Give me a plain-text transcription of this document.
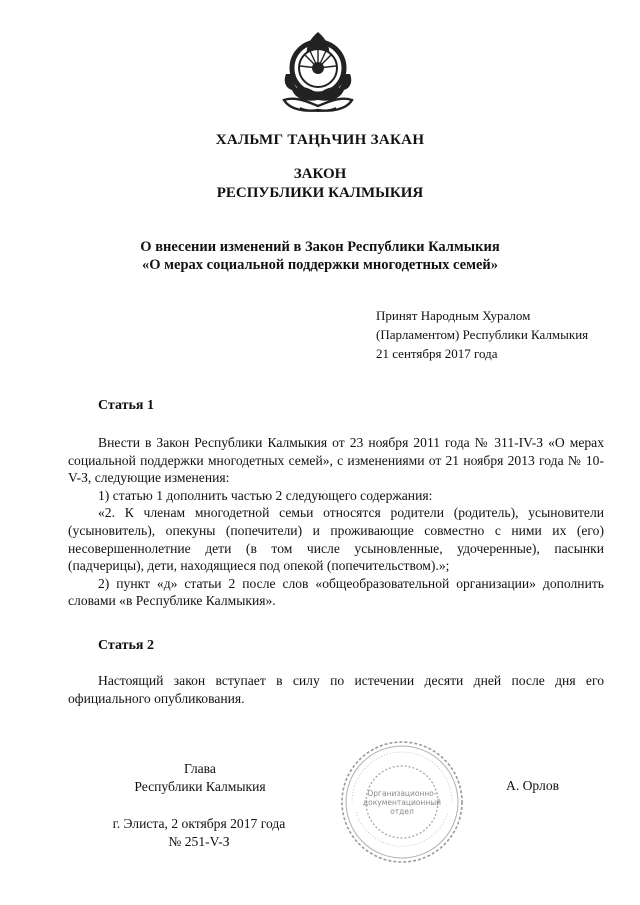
ХАЛЬМГ ТАҢҺЧИН ЗАКАН
ЗАКОН
РЕСПУБЛИКИ КАЛМЫКИЯ
О внесении изменений в Закон Республики Калмыкия
«О мерах социальной поддержки многодетных семей»
Принят Народным Хуралом
(Парламентом) Республики Калмыкия
21 сентября 2017 года
Статья 1

Внести в Закон Республики Калмыкия от 23 ноября 2011 года № 311-IV-З «О мерах социальной поддержки многодетных семей», с изменениями от 21 ноября 2013 года № 10-V-З, следующие изменения:

1) статью 1 дополнить частью 2 следующего содержания:

«2. К членам многодетной семьи относятся родители (родитель), усыновители (усыновитель), опекуны (попечители) и проживающие совместно с ними их (его) несовершеннолетние дети (в том числе усыновленные, удочеренные), пасынки (падчерицы), дети, находящиеся под опекой (попечительством).»;

2) пункт «д» статьи 2 после слов «общеобразовательной организации» дополнить словами «в Республике Калмыкия».

Статья 2

Настоящий закон вступает в силу по истечении десяти дней после дня его официального опубликования.

Глава
Республики Калмыкия	А. Орлов
г. Элиста, 2 октября 2017 года
№ 251-V-З
Организационно-
документационный
отдел
